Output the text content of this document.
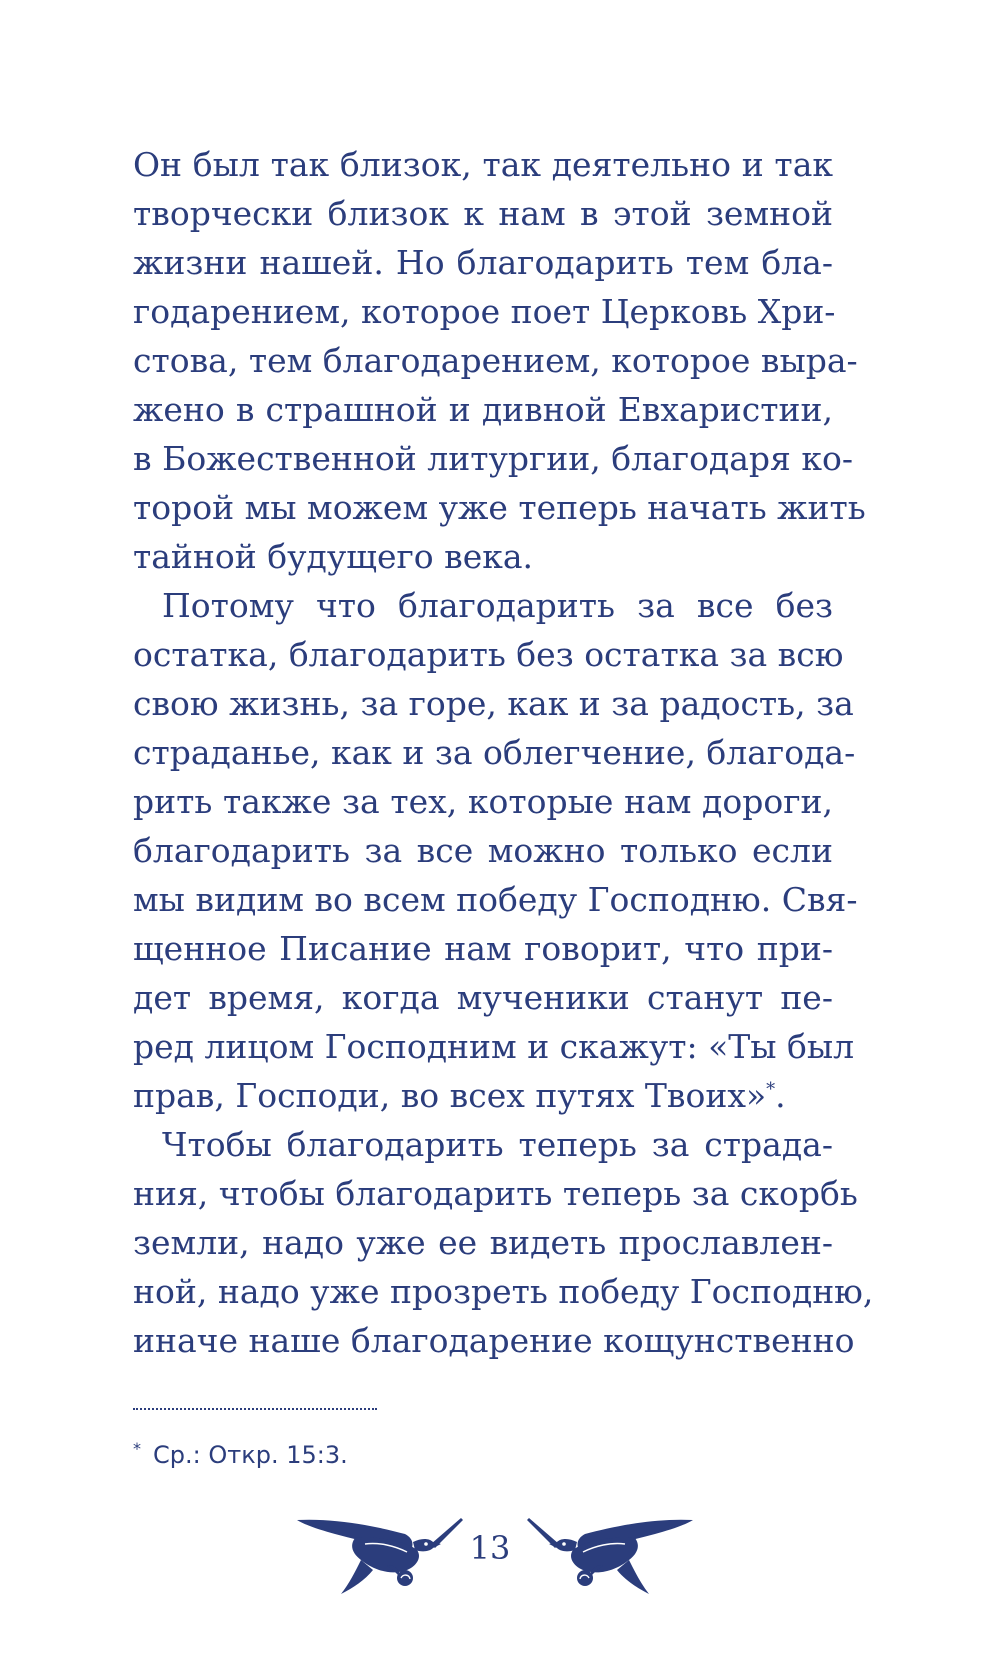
Он был так близок, так деятельно и так
творчески близок к нам в этой земной
жизни нашей. Но благодарить тем бла-
годарением, которое поет Церковь Хри-
стова, тем благодарением, которое выра-
жено в страшной и дивной Евхаристии,
в Божественной литургии, благодаря ко-
торой мы можем уже теперь начать жить
тайной будущего века.
Потому что благодарить за все без
остатка, благодарить без остатка за всю
свою жизнь, за горе, как и за радость, за
страданье, как и за облегчение, благода-
рить также за тех, которые нам дороги,
благодарить за все можно только если
мы видим во всем победу Господню. Свя-
щенное Писание нам говорит, что при-
дет время, когда мученики станут пе-
ред лицом Господним и скажут: «Ты был
прав, Господи, во всех путях Твоих»*.
Чтобы благодарить теперь за страда-
ния, чтобы благодарить теперь за скорбь
земли, надо уже ее видеть прославлен-
ной, надо уже прозреть победу Господню,
иначе наше благодарение кощунственно
* Ср.: Откр. 15:3.
13
